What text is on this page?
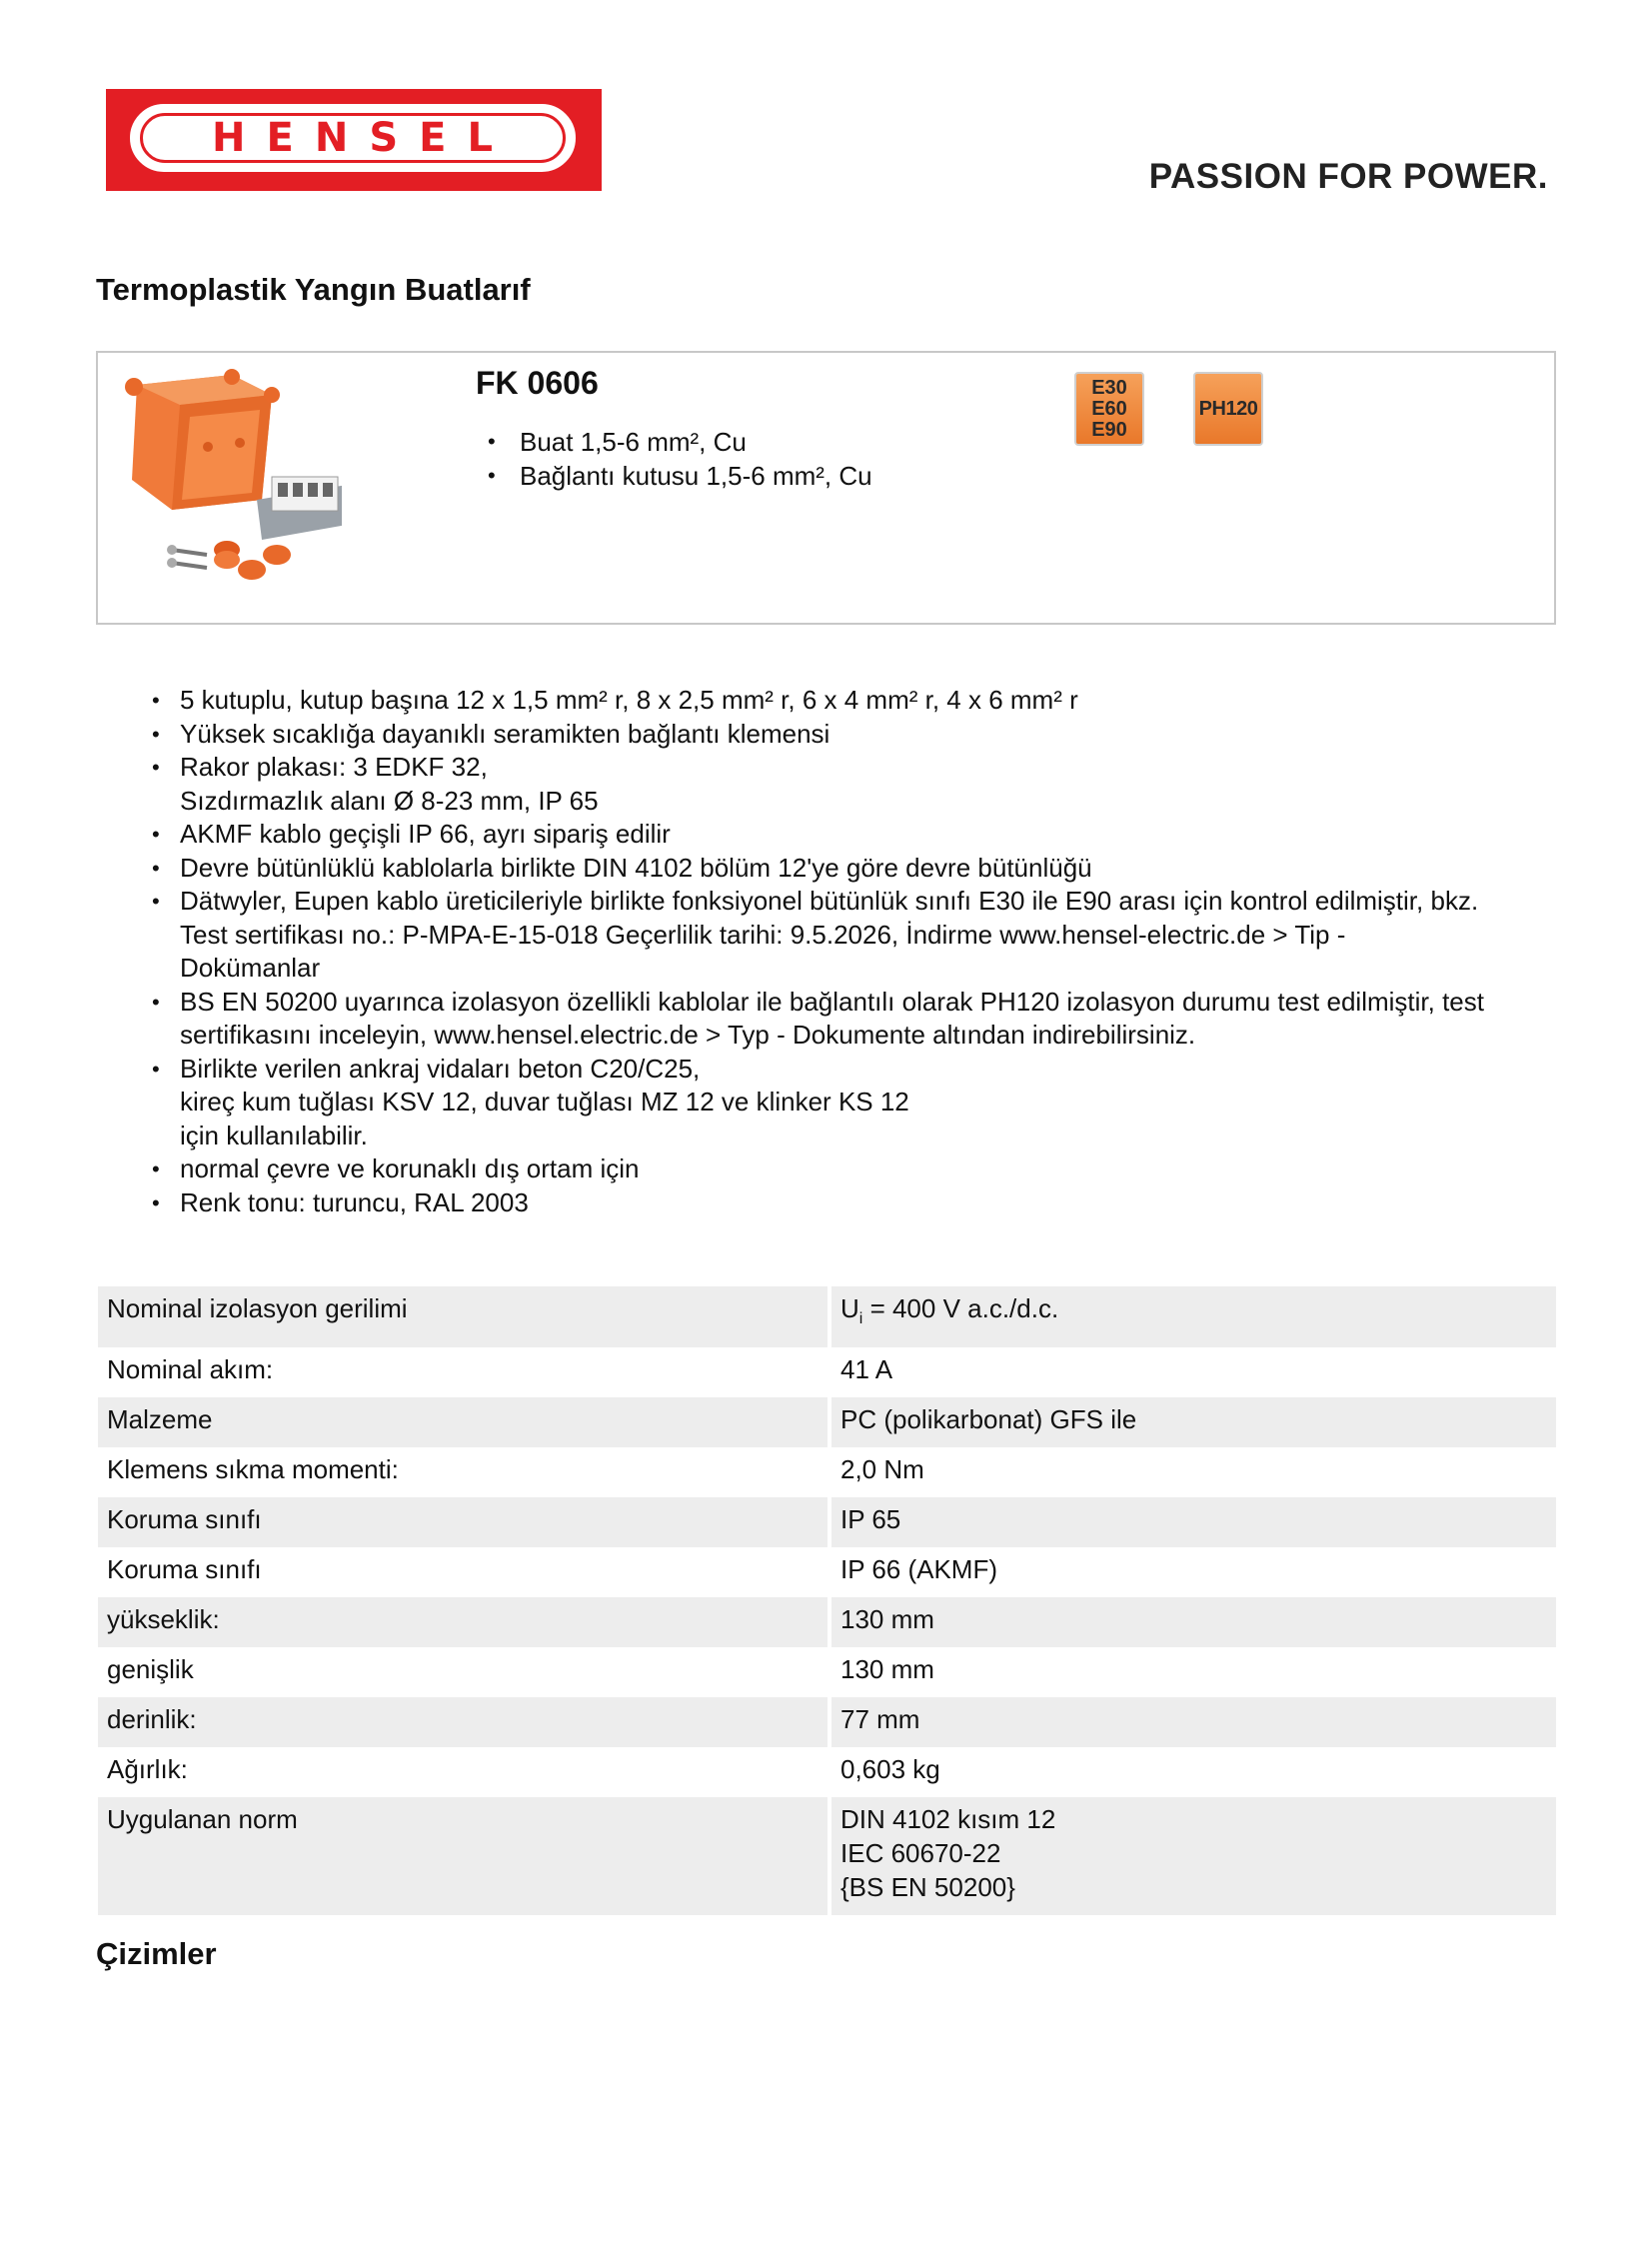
HENSEL
PASSION FOR POWER.
Termoplastik Yangın Buatlarıf
FK 0606
• Buat 1,5-6 mm², Cu
• Bağlantı kutusu 1,5-6 mm², Cu
E30
E60
E90
PH120
• 5 kutuplu, kutup başına 12 x 1,5 mm² r, 8 x 2,5 mm² r, 6 x 4 mm² r, 4 x 6 mm² r
• Yüksek sıcaklığa dayanıklı seramikten bağlantı klemensi
• Rakor plakası: 3 EDKF 32,
Sızdırmazlık alanı Ø 8-23 mm, IP 65
• AKMF kablo geçişli IP 66, ayrı sipariş edilir
• Devre bütünlüklü kablolarla birlikte DIN 4102 bölüm 12'ye göre devre bütünlüğü
• Dätwyler, Eupen kablo üreticileriyle birlikte fonksiyonel bütünlük sınıfı E30 ile E90 arası için kontrol edilmiştir, bkz.
Test sertifikası no.: P-MPA-E-15-018 Geçerlilik tarihi: 9.5.2026, İndirme www.hensel-electric.de > Tip -
Dokümanlar
• BS EN 50200 uyarınca izolasyon özellikli kablolar ile bağlantılı olarak PH120 izolasyon durumu test edilmiştir, test
sertifikasını inceleyin, www.hensel.electric.de > Typ - Dokumente altından indirebilirsiniz.
• Birlikte verilen ankraj vidaları beton C20/C25,
kireç kum tuğlası KSV 12, duvar tuğlası MZ 12 ve klinker KS 12
için kullanılabilir.
• normal çevre ve korunaklı dış ortam için
• Renk tonu: turuncu, RAL 2003
Nominal izolasyon gerilimi	$U_i = 400$ V a.c./d.c.
Nominal akım:	41 A
Malzeme	PC (polikarbonat) GFS ile
Klemens sıkma momenti:	2,0 Nm
Koruma sınıfı	IP 65
Koruma sınıfı	IP 66 (AKMF)
yükseklik:	130 mm
genişlik	130 mm
derinlik:	77 mm
Ağırlık:	0,603 kg
Uygulanan norm	DIN 4102 kısım 12
IEC 60670-22
{BS EN 50200}
Çizimler
